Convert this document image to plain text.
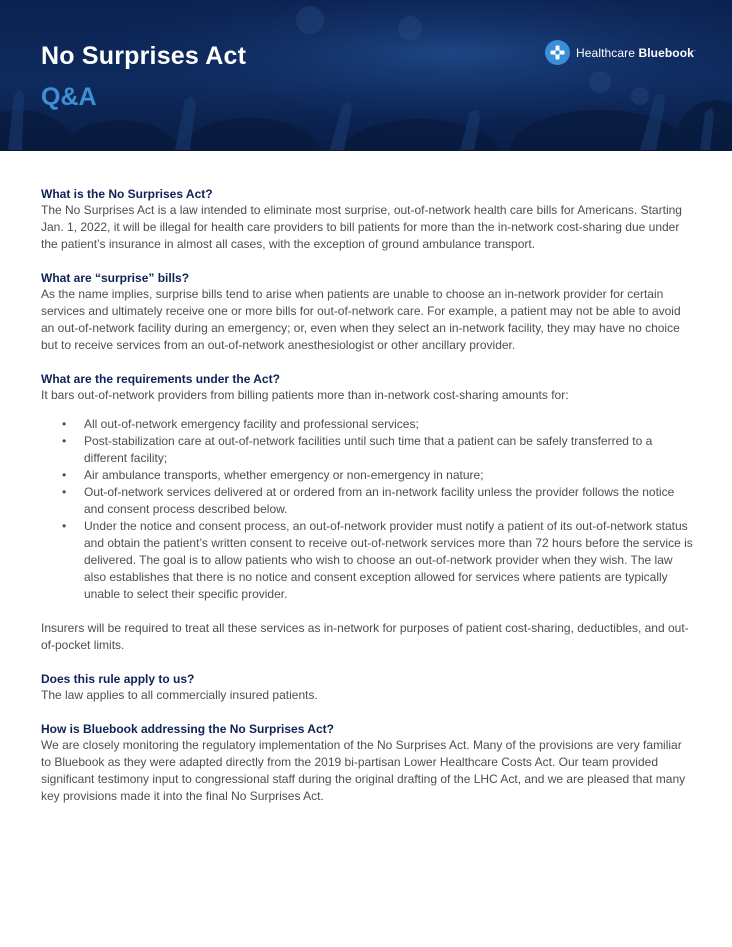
No Surprises Act
Q&A
Healthcare Bluebook.

What is the No Surprises Act?

The No Surprises Act is a law intended to eliminate most surprise, out-of-network health care bills for Americans. Starting Jan. 1, 2022, it will be illegal for health care providers to bill patients for more than the in-network cost-sharing due under the patient’s insurance in almost all cases, with the exception of ground ambulance transport.

What are “surprise” bills?

As the name implies, surprise bills tend to arise when patients are unable to choose an in-network provider for certain services and ultimately receive one or more bills for out-of-network care. For example, a patient may not be able to avoid an out-of-network facility during an emergency; or, even when they select an in-network facility, they may have no choice but to receive services from an out-of-network anesthesiologist or other ancillary provider.

What are the requirements under the Act?

It bars out-of-network providers from billing patients more than in-network cost-sharing amounts for:

• All out-of-network emergency facility and professional services;
• Post-stabilization care at out-of-network facilities until such time that a patient can be safely transferred to a different facility;
• Air ambulance transports, whether emergency or non-emergency in nature;
• Out-of-network services delivered at or ordered from an in-network facility unless the provider follows the notice and consent process described below.
• Under the notice and consent process, an out-of-network provider must notify a patient of its out-of-network status and obtain the patient’s written consent to receive out-of-network services more than 72 hours before the service is delivered. The goal is to allow patients who wish to choose an out-of-network provider when they wish. The law also establishes that there is no notice and consent exception allowed for services where patients are typically unable to select their specific provider.

Insurers will be required to treat all these services as in-network for purposes of patient cost-sharing, deductibles, and out-of-pocket limits.

Does this rule apply to us?

The law applies to all commercially insured patients.

How is Bluebook addressing the No Surprises Act?

We are closely monitoring the regulatory implementation of the No Surprises Act. Many of the provisions are very familiar to Bluebook as they were adapted directly from the 2019 bi-partisan Lower Healthcare Costs Act. Our team provided significant testimony input to congressional staff during the original drafting of the LHC Act, and we are pleased that many key provisions made it into the final No Surprises Act.
